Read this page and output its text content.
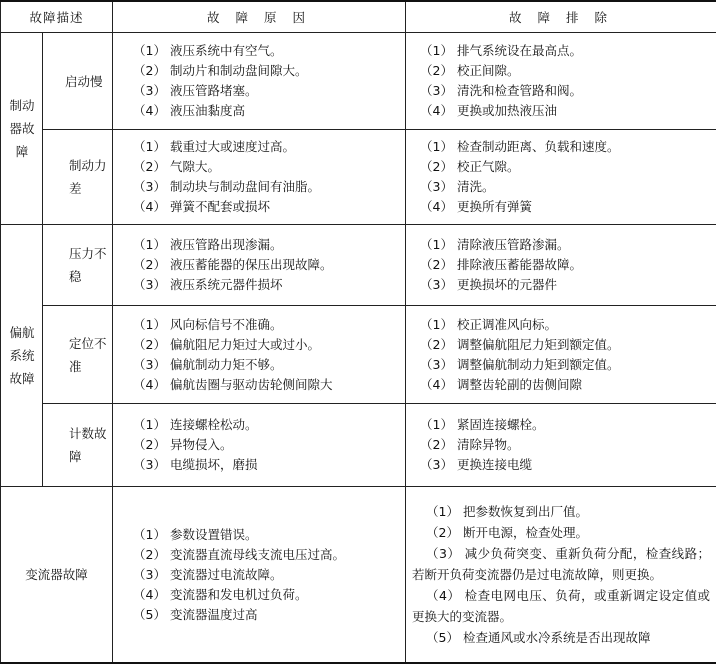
故障描述		故 障 原 因	故 障 排 除
制动器故障	启动慢	（1） 液压系统中有空气。
（2） 制动片和制动盘间隙大。
（3） 液压管路堵塞。
（4） 液压油黏度高	（1） 排气系统设在最高点。
（2） 校正间隙。
（3） 清洗和检查管路和阀。
（4） 更换或加热液压油

	制动力差	（1） 载重过大或速度过高。
（2） 气隙大。
（3） 制动块与制动盘间有油脂。
（4） 弹簧不配套或损坏	（1） 检查制动距离、负载和速度。
（2） 校正气隙。
（3） 清洗。
（4） 更换所有弹簧

偏航系统故障	压力不稳	（1） 液压管路出现渗漏。
（2） 液压蓄能器的保压出现故障。
（3） 液压系统元器件损坏	（1） 清除液压管路渗漏。
（2） 排除液压蓄能器故障。
（3） 更换损坏的元器件

	定位不准	（1） 风向标信号不准确。
（2） 偏航阻尼力矩过大或过小。
（3） 偏航制动力矩不够。
（4） 偏航齿圈与驱动齿轮侧间隙大	（1） 校正调准风向标。
（2） 调整偏航阻尼力矩到额定值。
（3） 调整偏航制动力矩到额定值。
（4） 调整齿轮副的齿侧间隙

	计数故障	（1） 连接螺栓松动。
（2） 异物侵入。
（3） 电缆损坏，磨损	（1） 紧固连接螺栓。
（2） 清除异物。
（3） 更换连接电缆

变流器故障		（1） 参数设置错误。
（2） 变流器直流母线支流电压过高。
（3） 变流器过电流故障。
（4） 变流器和发电机过负荷。
（5） 变流器温度过高	（1） 把参数恢复到出厂值。
（2） 断开电源，检查处理。
（3） 减少负荷突变、重新负荷分配，检查线路；若断开负荷变流器仍是过电流故障，则更换。
（4） 检查电网电压、负荷，或重新调定设定值或更换大的变流器。
（5） 检查通风或水冷系统是否出现故障
